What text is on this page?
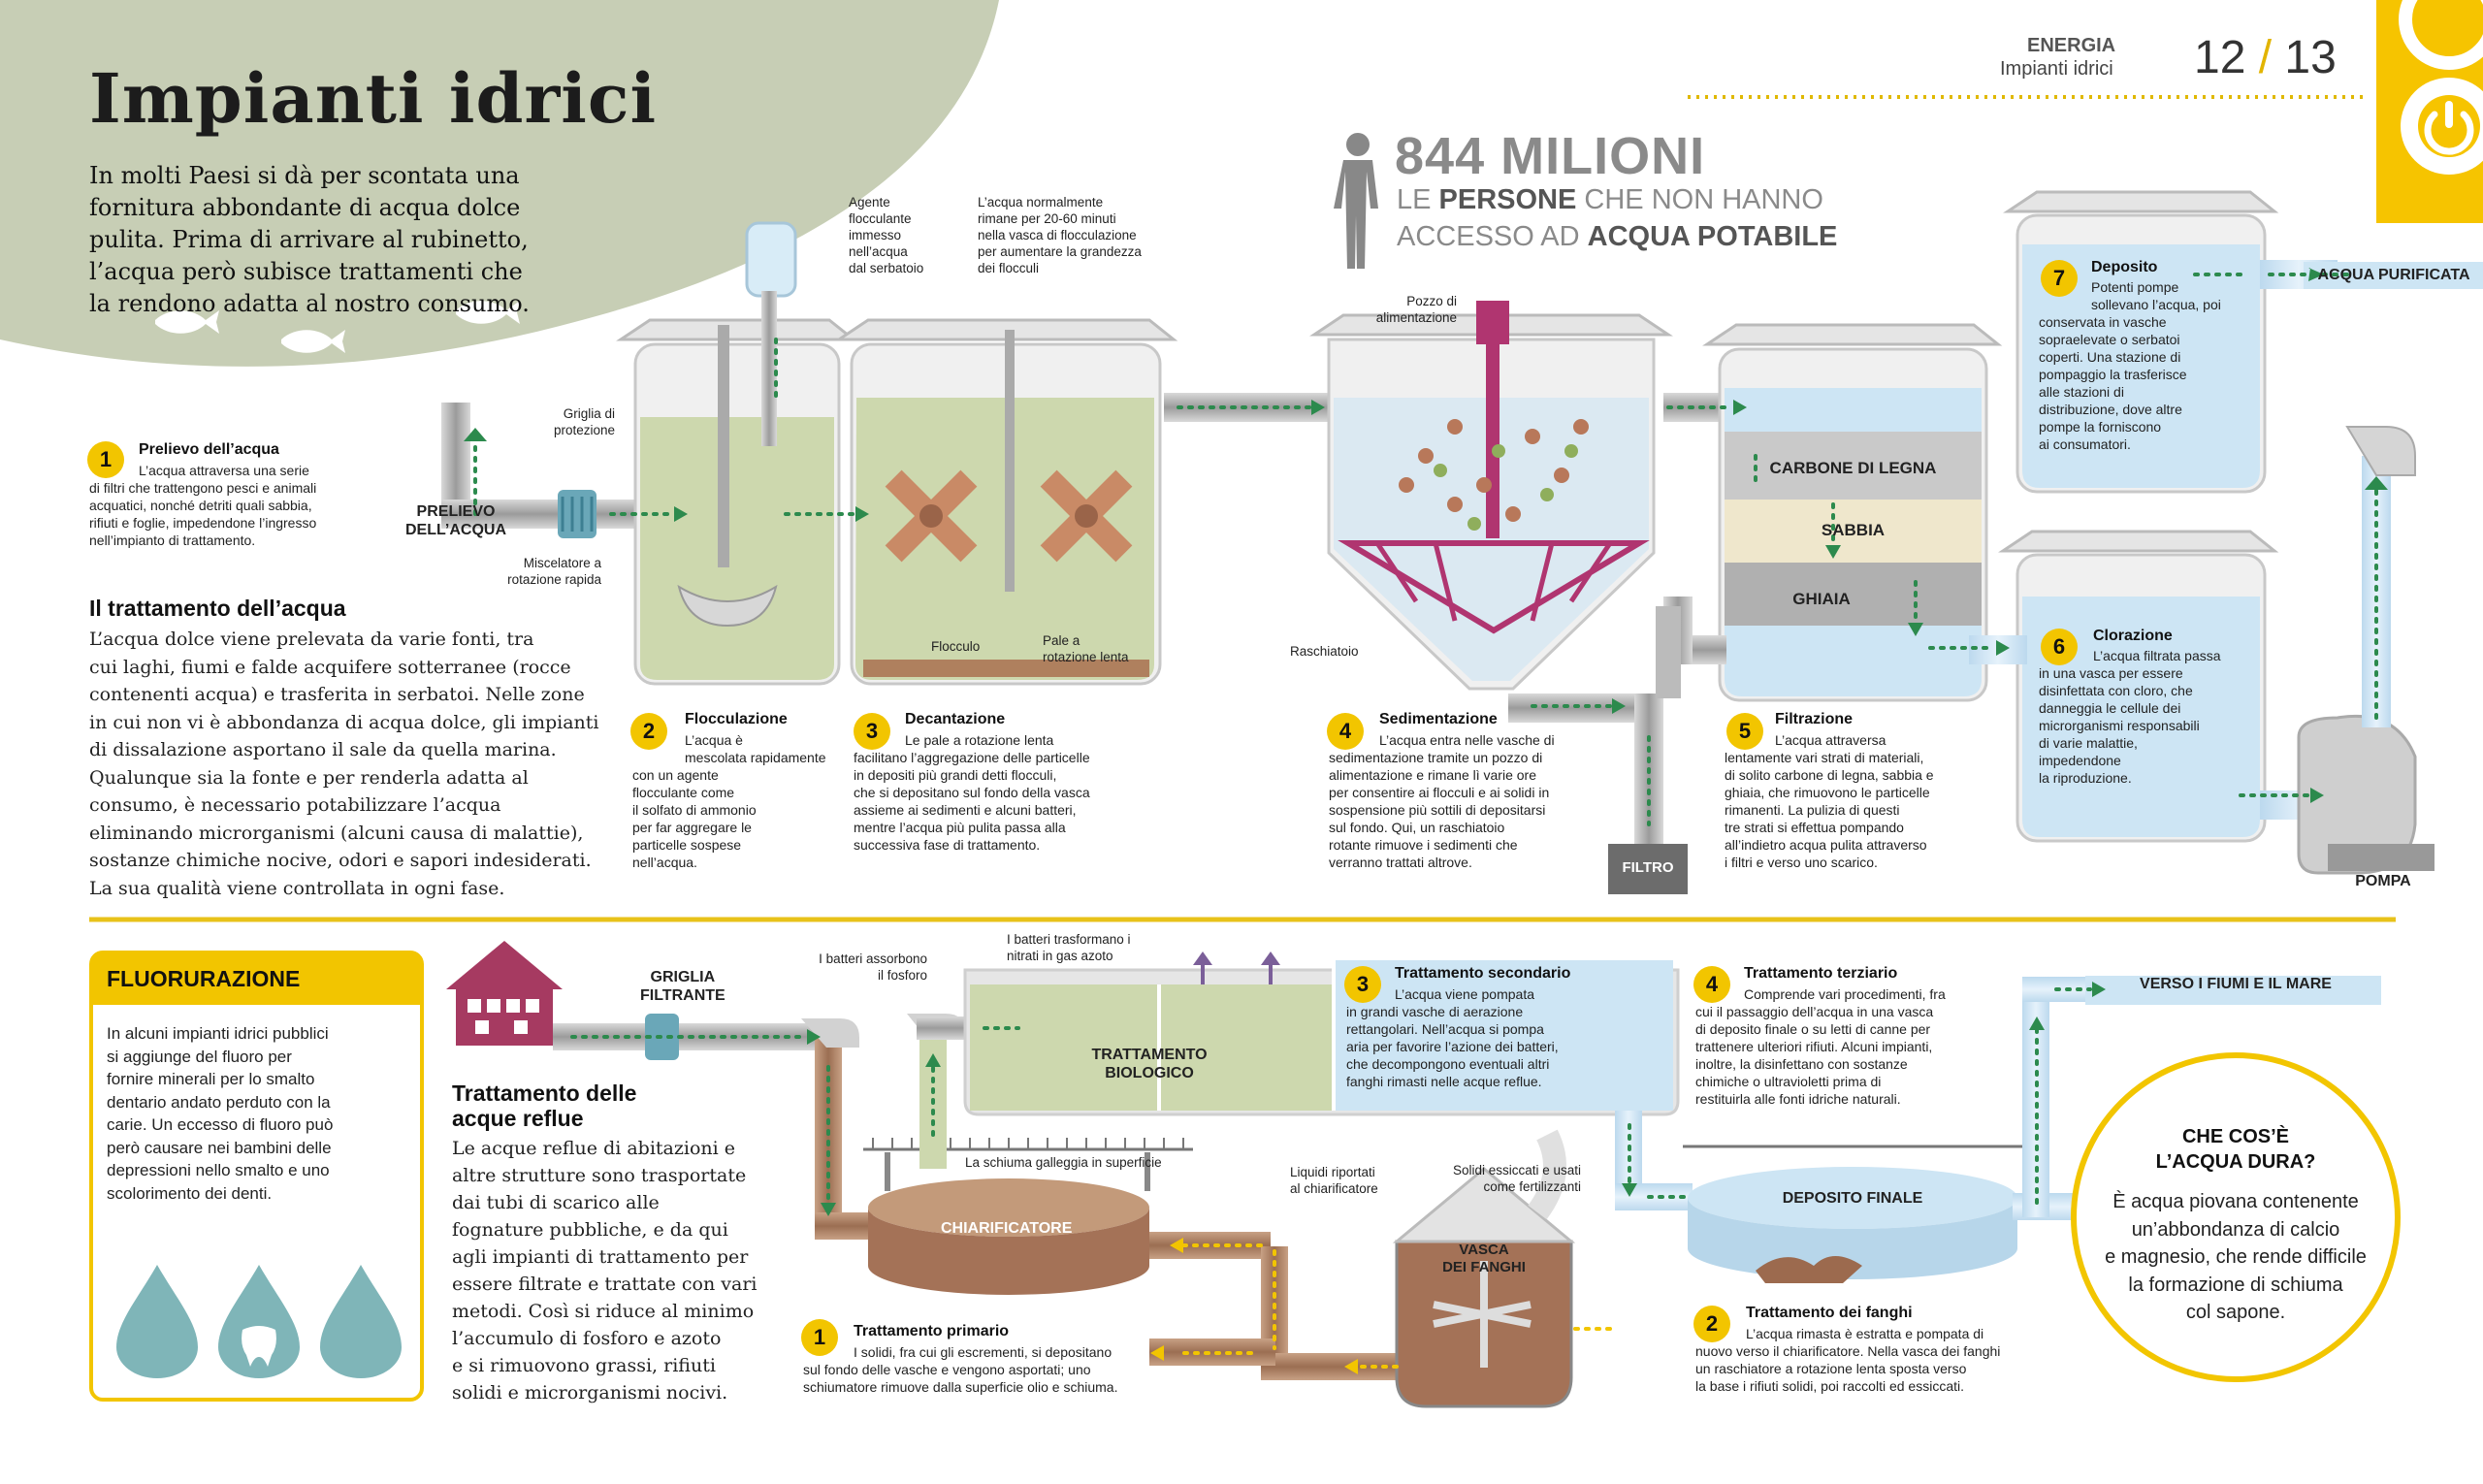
ENERGIA
Impianti idrici 12 / 13
Impianti idrici
In molti Paesi si dà per scontata una
fornitura abbondante di acqua dolce
pulita. Prima di arrivare al rubinetto,
l’acqua però subisce trattamenti che
la rendono adatta al nostro consumo.
844 MILIONI
LE PERSONE CHE NON HANNO
ACCESSO AD ACQUA POTABILE
Griglia di
protezione
PRELIEVO
DELL’ACQUA
Miscelatore a
rotazione rapida
Agente
flocculante
immesso
nell’acqua
dal serbatoio
L’acqua normalmente
rimane per 20-60 minuti
nella vasca di flocculazione
per aumentare la grandezza
dei flocculi
Flocculo	Pale a
rotazione lenta
Pozzo di
alimentazione
Raschiatoio
CARBONE DI LEGNA
SABBIA
GHIAIA
FILTRO
ACQUA PURIFICATA
POMPA
1	Prelievo dell’acqua
L’acqua attraversa una serie
di filtri che trattengono pesci e animali
acquatici, nonché detriti quali sabbia,
rifiuti e foglie, impedendone l’ingresso
nell’impianto di trattamento.
2	Flocculazione
L’acqua è
mescolata rapidamente
con un agente
flocculante come
il solfato di ammonio
per far aggregare le
particelle sospese
nell’acqua.
3	Decantazione
Le pale a rotazione lenta
facilitano l’aggregazione delle particelle
in depositi più grandi detti flocculi,
che si depositano sul fondo della vasca
assieme ai sedimenti e alcuni batteri,
mentre l’acqua più pulita passa alla
successiva fase di trattamento.
4	Sedimentazione
L’acqua entra nelle vasche di
sedimentazione tramite un pozzo di
alimentazione e rimane lì varie ore
per consentire ai flocculi e ai solidi in
sospensione più sottili di depositarsi
sul fondo. Qui, un raschiatoio
rotante rimuove i sedimenti che
verranno trattati altrove.
5	Filtrazione
L’acqua attraversa
lentamente vari strati di materiali,
di solito carbone di legna, sabbia e
ghiaia, che rimuovono le particelle
rimanenti. La pulizia di questi
tre strati si effettua pompando
all’indietro acqua pulita attraverso
i filtri e verso uno scarico.
6	Clorazione
L’acqua filtrata passa
in una vasca per essere
disinfettata con cloro, che
danneggia le cellule dei
microrganismi responsabili
di varie malattie,
impedendone
la riproduzione.
7	Deposito
Potenti pompe
sollevano l’acqua, poi
conservata in vasche
sopraelevate o serbatoi
coperti. Una stazione di
pompaggio la trasferisce
alle stazioni di
distribuzione, dove altre
pompe la forniscono
ai consumatori.
Il trattamento dell’acqua
L’acqua dolce viene prelevata da varie fonti, tra
cui laghi, fiumi e falde acquifere sotterranee (rocce
contenenti acqua) e trasferita in serbatoi. Nelle zone
in cui non vi è abbondanza di acqua dolce, gli impianti
di dissalazione asportano il sale da quella marina.
Qualunque sia la fonte e per renderla adatta al
consumo, è necessario potabilizzare l’acqua
eliminando microrganismi (alcuni causa di malattie),
sostanze chimiche nocive, odori e sapori indesiderati.
La sua qualità viene controllata in ogni fase.
FLUORURAZIONE
In alcuni impianti idrici pubblici
si aggiunge del fluoro per
fornire minerali per lo smalto
dentario andato perduto con la
carie. Un eccesso di fluoro può
però causare nei bambini delle
depressioni nello smalto e uno
scolorimento dei denti.
GRIGLIA
FILTRANTE
Trattamento delle
acque reflue
Le acque reflue di abitazioni e
altre strutture sono trasportate
dai tubi di scarico alle
fognature pubbliche, e da qui
agli impianti di trattamento per
essere filtrate e trattate con vari
metodi. Così si riduce al minimo
l’accumulo di fosforo e azoto
e si rimuovono grassi, rifiuti
solidi e microrganismi nocivi.
I batteri assorbono
il fosforo
I batteri trasformano i
nitrati in gas azoto
TRATTAMENTO
BIOLOGICO
La schiuma galleggia in superficie
CHIARIFICATORE
Liquidi riportati
al chiarificatore
Solidi essiccati e usati
come fertilizzanti
VASCA
DEI FANGHI
DEPOSITO FINALE
VERSO I FIUMI E IL MARE
1	Trattamento primario
I solidi, fra cui gli escrementi, si depositano
sul fondo delle vasche e vengono asportati; uno
schiumatore rimuove dalla superficie olio e schiuma.
2	Trattamento dei fanghi
L’acqua rimasta è estratta e pompata di
nuovo verso il chiarificatore. Nella vasca dei fanghi
un raschiatore a rotazione lenta sposta verso
la base i rifiuti solidi, poi raccolti ed essiccati.
3	Trattamento secondario
L’acqua viene pompata
in grandi vasche di aerazione
rettangolari. Nell’acqua si pompa
aria per favorire l’azione dei batteri,
che decompongono eventuali altri
fanghi rimasti nelle acque reflue.
4	Trattamento terziario
Comprende vari procedimenti, fra
cui il passaggio dell’acqua in una vasca
di deposito finale o su letti di canne per
trattenere ulteriori rifiuti. Alcuni impianti,
inoltre, la disinfettano con sostanze
chimiche o ultravioletti prima di
restituirla alle fonti idriche naturali.
CHE COS’È
L’ACQUA DURA?
È acqua piovana contenente
un’abbondanza di calcio
e magnesio, che rende difficile
la formazione di schiuma
col sapone.
